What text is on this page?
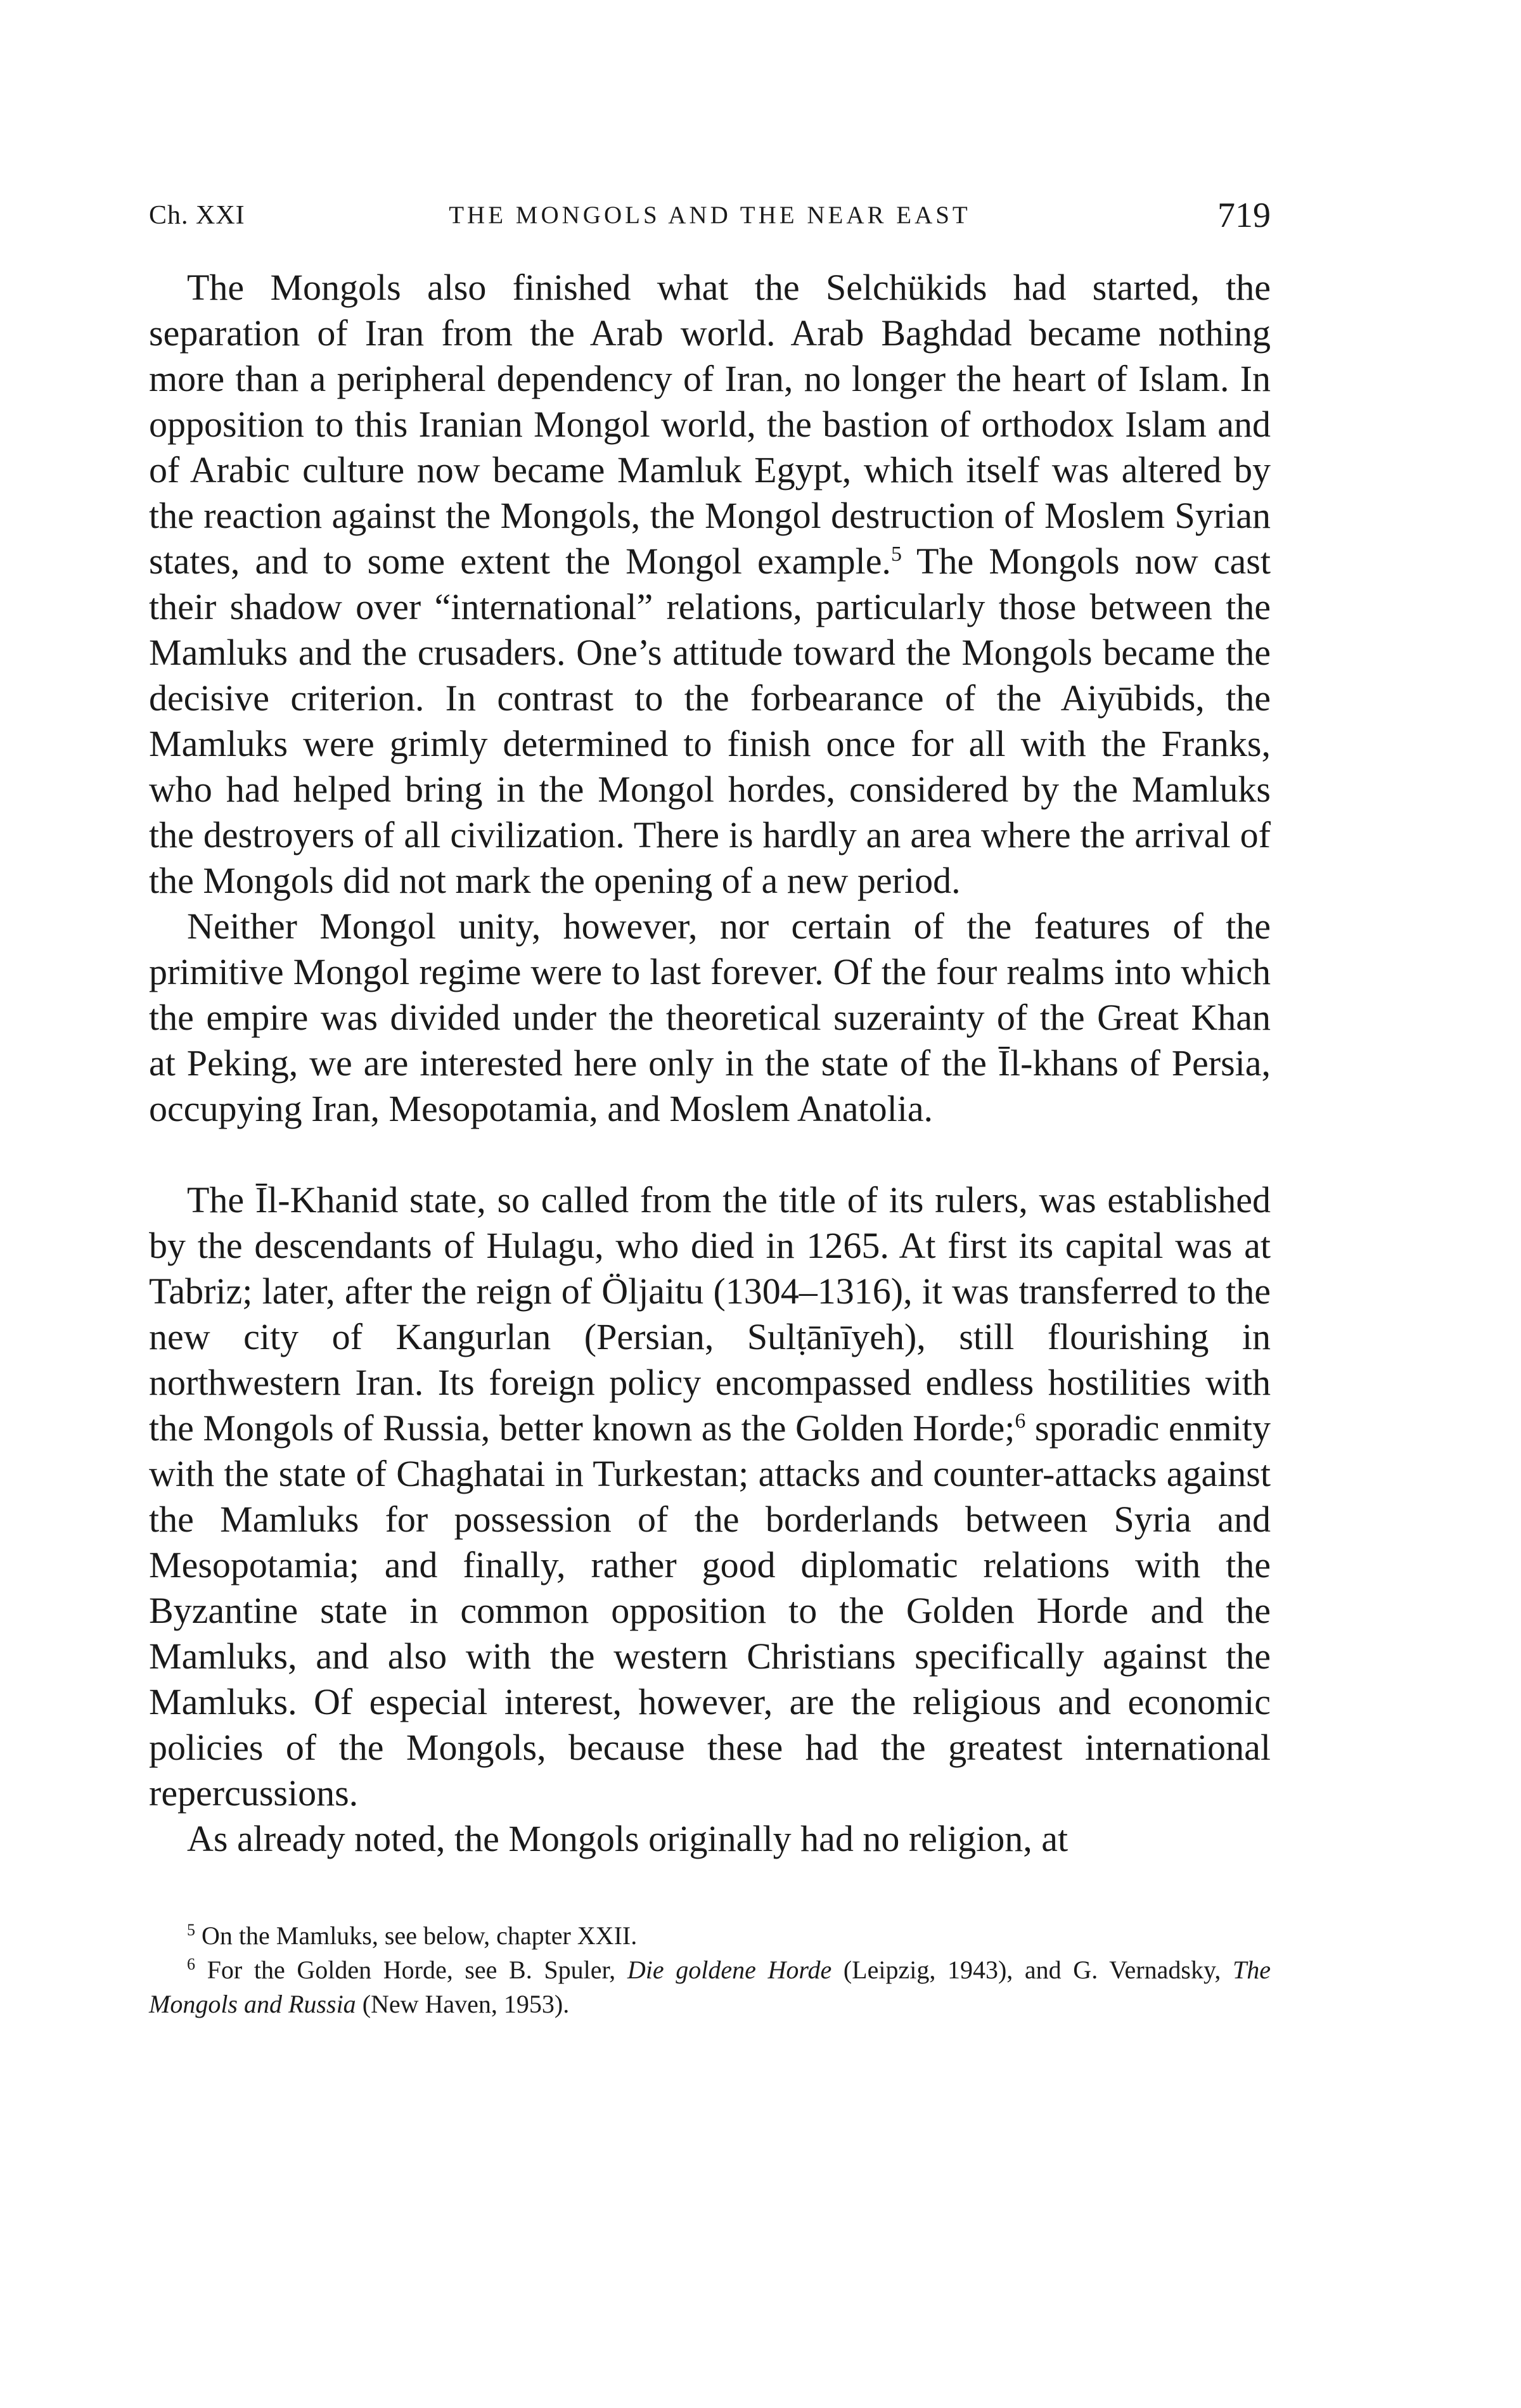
Ch. XXI	THE MONGOLS AND THE NEAR EAST	719

The Mongols also finished what the Selchükids had started, the separation of Iran from the Arab world. Arab Baghdad became nothing more than a peripheral dependency of Iran, no longer the heart of Islam. In opposition to this Iranian Mongol world, the bastion of orthodox Islam and of Arabic culture now became Mamluk Egypt, which itself was altered by the reaction against the Mongols, the Mongol destruction of Moslem Syrian states, and to some extent the Mongol example.$^5$ The Mongols now cast their shadow over “international” relations, particularly those between the Mamluks and the crusaders. One’s attitude toward the Mongols became the decisive criterion. In contrast to the forbearance of the Aiyūbids, the Mamluks were grimly determined to finish once for all with the Franks, who had helped bring in the Mongol hordes, considered by the Mamluks the destroyers of all civilization. There is hardly an area where the arrival of the Mongols did not mark the opening of a new period.

Neither Mongol unity, however, nor certain of the features of the primitive Mongol regime were to last forever. Of the four realms into which the empire was divided under the theoretical suzerainty of the Great Khan at Peking, we are interested here only in the state of the Īl-khans of Persia, occupying Iran, Mesopotamia, and Moslem Anatolia.

The Īl-Khanid state, so called from the title of its rulers, was established by the descendants of Hulagu, who died in 1265. At first its capital was at Tabriz; later, after the reign of Öljaitu (1304–1316), it was transferred to the new city of Kangurlan (Persian, Sulṭānīyeh), still flourishing in northwestern Iran. Its foreign policy encompassed endless hostilities with the Mongols of Russia, better known as the Golden Horde;$^6$ sporadic enmity with the state of Chaghatai in Turkestan; attacks and counter-attacks against the Mamluks for possession of the borderlands between Syria and Mesopotamia; and finally, rather good diplomatic relations with the Byzantine state in common opposition to the Golden Horde and the Mamluks, and also with the western Christians specifically against the Mamluks. Of especial interest, however, are the religious and economic policies of the Mongols, because these had the greatest international repercussions.

As already noted, the Mongols originally had no religion, at

$^5$ On the Mamluks, see below, chapter XXII.

$^6$ For the Golden Horde, see B. Spuler, Die goldene Horde (Leipzig, 1943), and G. Vernadsky, The Mongols and Russia (New Haven, 1953).
